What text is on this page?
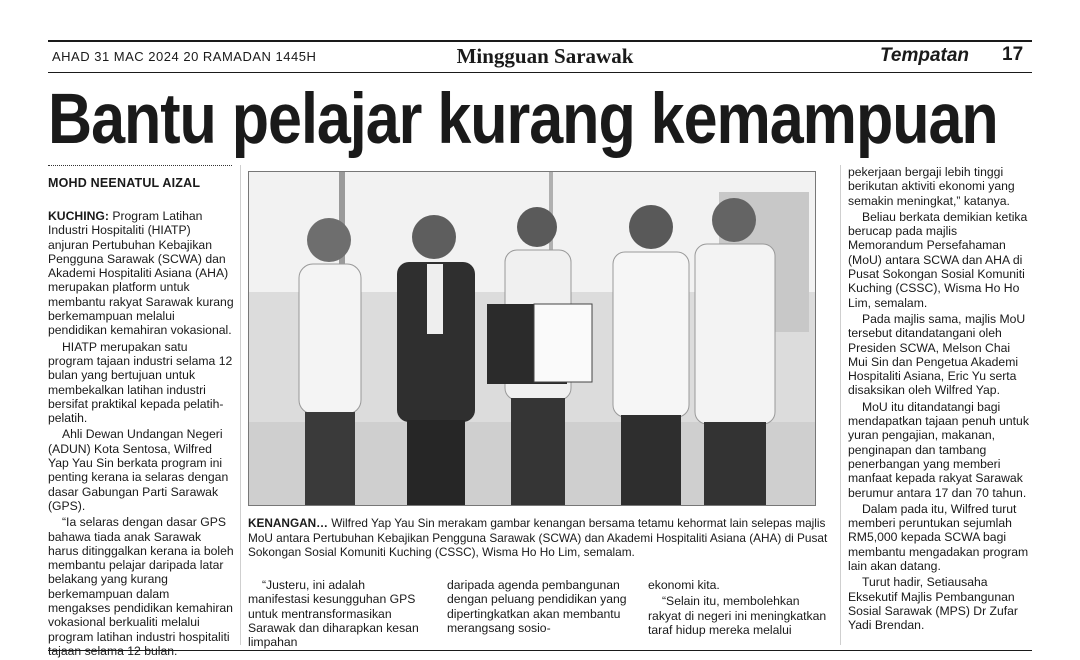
AHAD 31 MAC 2024 20 RAMADAN 1445H	Mingguan Sarawak	Tempatan 17
Bantu pelajar kurang kemampuan
MOHD NEENATUL AIZAL

KUCHING: Program Latihan Industri Hospitaliti (HIATP) anjuran Pertubuhan Kebajikan Pengguna Sarawak (SCWA) dan Akademi Hospitaliti Asiana (AHA) merupakan platform untuk membantu rakyat Sarawak kurang berkemampuan melalui pendidikan kemahiran vokasional.

HIATP merupakan satu program tajaan industri selama 12 bulan yang bertujuan untuk membekalkan latihan industri bersifat praktikal kepada pelatih-pelatih.

Ahli Dewan Undangan Negeri (ADUN) Kota Sentosa, Wilfred Yap Yau Sin berkata program ini penting kerana ia selaras dengan dasar Gabungan Parti Sarawak (GPS).

“Ia selaras dengan dasar GPS bahawa tiada anak Sarawak harus ditinggalkan kerana ia boleh membantu pelajar daripada latar belakang yang kurang berkemampuan dalam mengakses pendidikan kemahiran vokasional berkualiti melalui program latihan industri hospitaliti

KENANGAN… Wilfred Yap Yau Sin merakam gambar kenangan bersama tetamu kehormat lain selepas majlis MoU antara Pertubuhan Kebajikan Pengguna Sarawak (SCWA) dan Akademi Hospitaliti Asiana (AHA) di Pusat Sokongan Sosial Komuniti Kuching (CSSC), Wisma Ho Ho Lim, semalam.

“Justeru, ini adalah manifestasi kesungguhan GPS untuk mentransformasikan Sarawak dan diharapkan kesan limpahan

daripada agenda pembangunan dengan peluang pendidikan yang dipertingkatkan akan membantu merangsang sosio-

ekonomi kita.

“Selain itu, membolehkan rakyat di negeri ini meningkatkan taraf hidup mereka melalui

pekerjaan bergaji lebih tinggi berikutan aktiviti ekonomi yang semakin meningkat,” katanya.

Beliau berkata demikian ketika berucap pada majlis Memorandum Persefahaman (MoU) antara SCWA dan AHA di Pusat Sokongan Sosial Komuniti Kuching (CSSC), Wisma Ho Ho Lim, semalam.

Pada majlis sama, majlis MoU tersebut ditandatangani oleh Presiden SCWA, Melson Chai Mui Sin dan Pengetua Akademi Hospitaliti Asiana, Eric Yu serta disaksikan oleh Wilfred Yap.

MoU itu ditandatangi bagi mendapatkan tajaan penuh untuk yuran pengajian, makanan, penginapan dan tambang penerbangan yang memberi manfaat kepada rakyat Sarawak berumur antara 17 dan 70 tahun.

Dalam pada itu, Wilfred turut memberi peruntukan sejumlah RM5,000 kepada SCWA bagi membantu mengadakan program lain akan datang.

Turut hadir, Setiausaha Eksekutif Majlis Pembangunan Sosial Sarawak (MPS) Dr Zufar Yadi Brendan.
